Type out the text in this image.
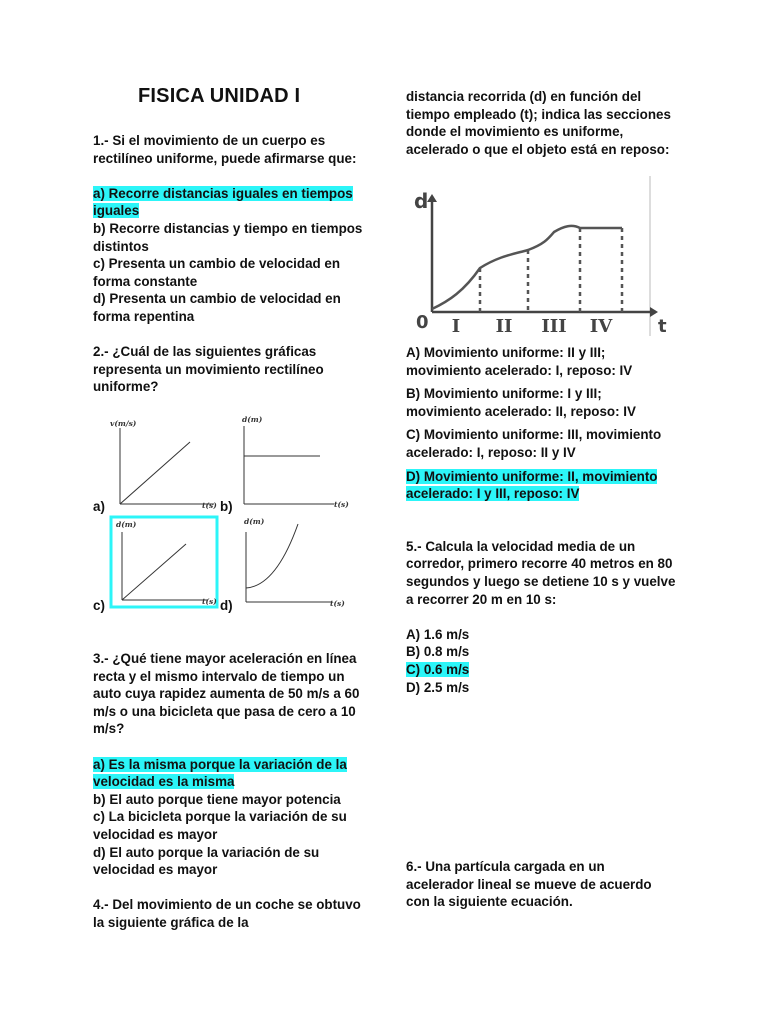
FISICA UNIDAD I

1.- Si el movimiento de un cuerpo es rectilíneo uniforme, puede afirmarse que:

a) Recorre distancias iguales en tiempos iguales

b) Recorre distancias y tiempo en tiempos distintos

c) Presenta un cambio de velocidad en forma constante

d) Presenta un cambio de velocidad en forma repentina

2.- ¿Cuál de las siguientes gráficas representa un movimiento rectilíneo uniforme?

v(m/s)
t(s)
d(m)
t(s)
d(m)
t(s)
d(m)
t(s)
a)	b)
c)	d)

3.- ¿Qué tiene mayor aceleración en línea recta y el mismo intervalo de tiempo un auto cuya rapidez aumenta de 50 m/s a 60 m/s o una bicicleta que pasa de cero a 10 m/s?

a) Es la misma porque la variación de la velocidad es la misma

b) El auto porque tiene mayor potencia

c) La bicicleta porque la variación de su velocidad es mayor

d) El auto porque la variación de su velocidad es mayor

4.- Del movimiento de un coche se obtuvo la siguiente gráfica de la

distancia recorrida (d) en función del tiempo empleado (t); indica las secciones donde el movimiento es uniforme, acelerado o que el objeto está en reposo:

d
0	t
I II III IV

A) Movimiento uniforme: II y III; movimiento acelerado: I, reposo: IV

B) Movimiento uniforme: I y III; movimiento acelerado: II, reposo: IV

C) Movimiento uniforme: III, movimiento acelerado: I, reposo: II y IV

D) Movimiento uniforme: II, movimiento acelerado: I y III, reposo: IV

5.- Calcula la velocidad media de un corredor, primero recorre 40 metros en 80 segundos y luego se detiene 10 s y vuelve a recorrer 20 m en 10 s:

A) 1.6 m/s

B) 0.8 m/s

C) 0.6 m/s

D) 2.5 m/s

6.- Una partícula cargada en un acelerador lineal se mueve de acuerdo con la siguiente ecuación.
